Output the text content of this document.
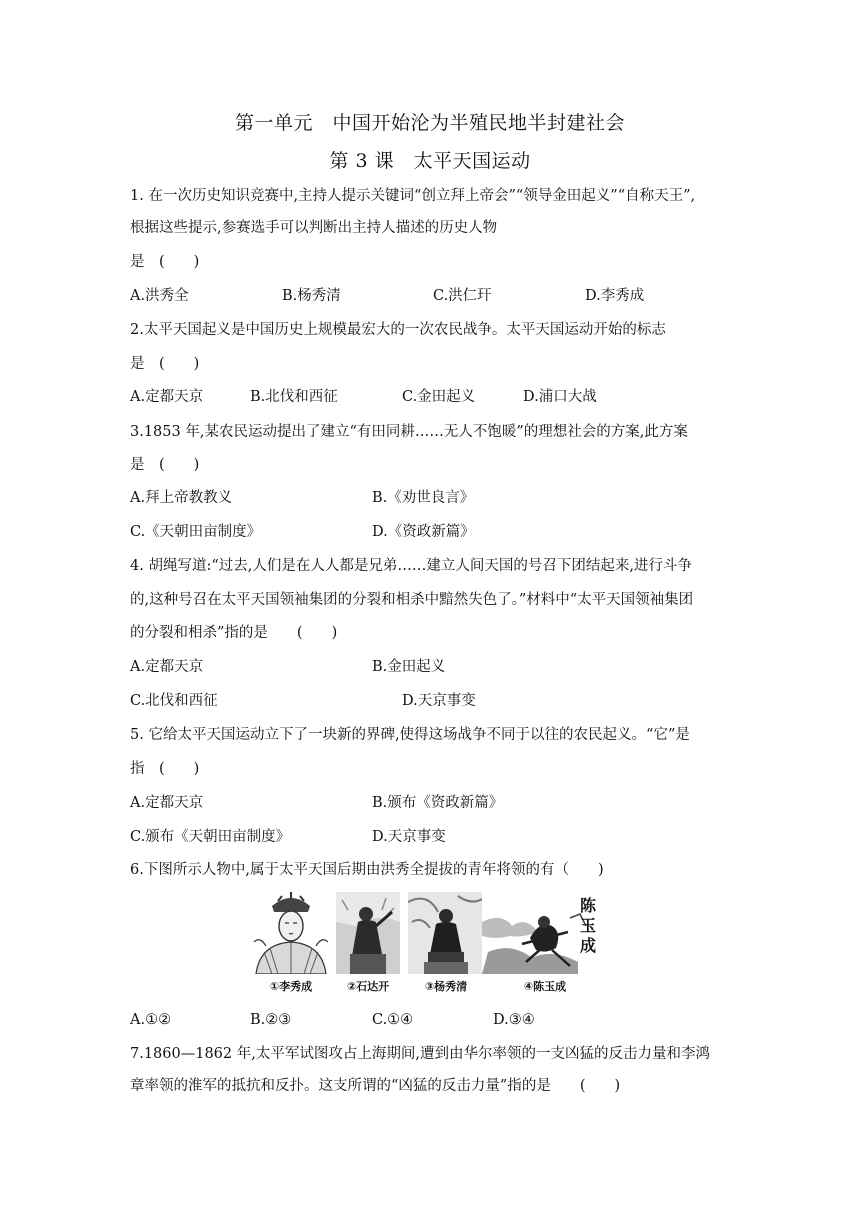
第一单元　中国开始沦为半殖民地半封建社会
第 3 课　太平天国运动
1. 在一次历史知识竞赛中,主持人提示关键词“创立拜上帝会”“领导金田起义”“自称天王”,
根据这些提示,参赛选手可以判断出主持人描述的历史人物
是　(　　)
A.洪秀全	B.杨秀清	C.洪仁玕	D.李秀成
2.太平天国起义是中国历史上规模最宏大的一次农民战争。太平天国运动开始的标志
是　(　　)
A.定都天京	B.北伐和西征	C.金田起义	D.浦口大战
3.1853 年,某农民运动提出了建立“有田同耕……无人不饱暖”的理想社会的方案,此方案
是　(　　)
A.拜上帝教教义	B.《劝世良言》
C.《天朝田亩制度》	D.《资政新篇》
4. 胡绳写道:“过去,人们是在人人都是兄弟……建立人间天国的号召下团结起来,进行斗争
的,这种号召在太平天国领袖集团的分裂和相杀中黯然失色了。”材料中“太平天国领袖集团
的分裂和相杀”指的是　　(　　)
A.定都天京	B.金田起义
C.北伐和西征	D.天京事变
5. 它给太平天国运动立下了一块新的界碑,使得这场战争不同于以往的农民起义。“它”是
指　(　　)
A.定都天京	B.颁布《资政新篇》
C.颁布《天朝田亩制度》	D.天京事变
6.下图所示人物中,属于太平天国后期由洪秀全提拔的青年将领的有（　　)
陈玉成
①李秀成	②石达开	③杨秀清	④陈玉成
A.①②	B.②③	C.①④	D.③④
7.1860—1862 年,太平军试图攻占上海期间,遭到由华尔率领的一支凶猛的反击力量和李鸿
章率领的淮军的抵抗和反扑。这支所谓的“凶猛的反击力量”指的是　　(　　)
